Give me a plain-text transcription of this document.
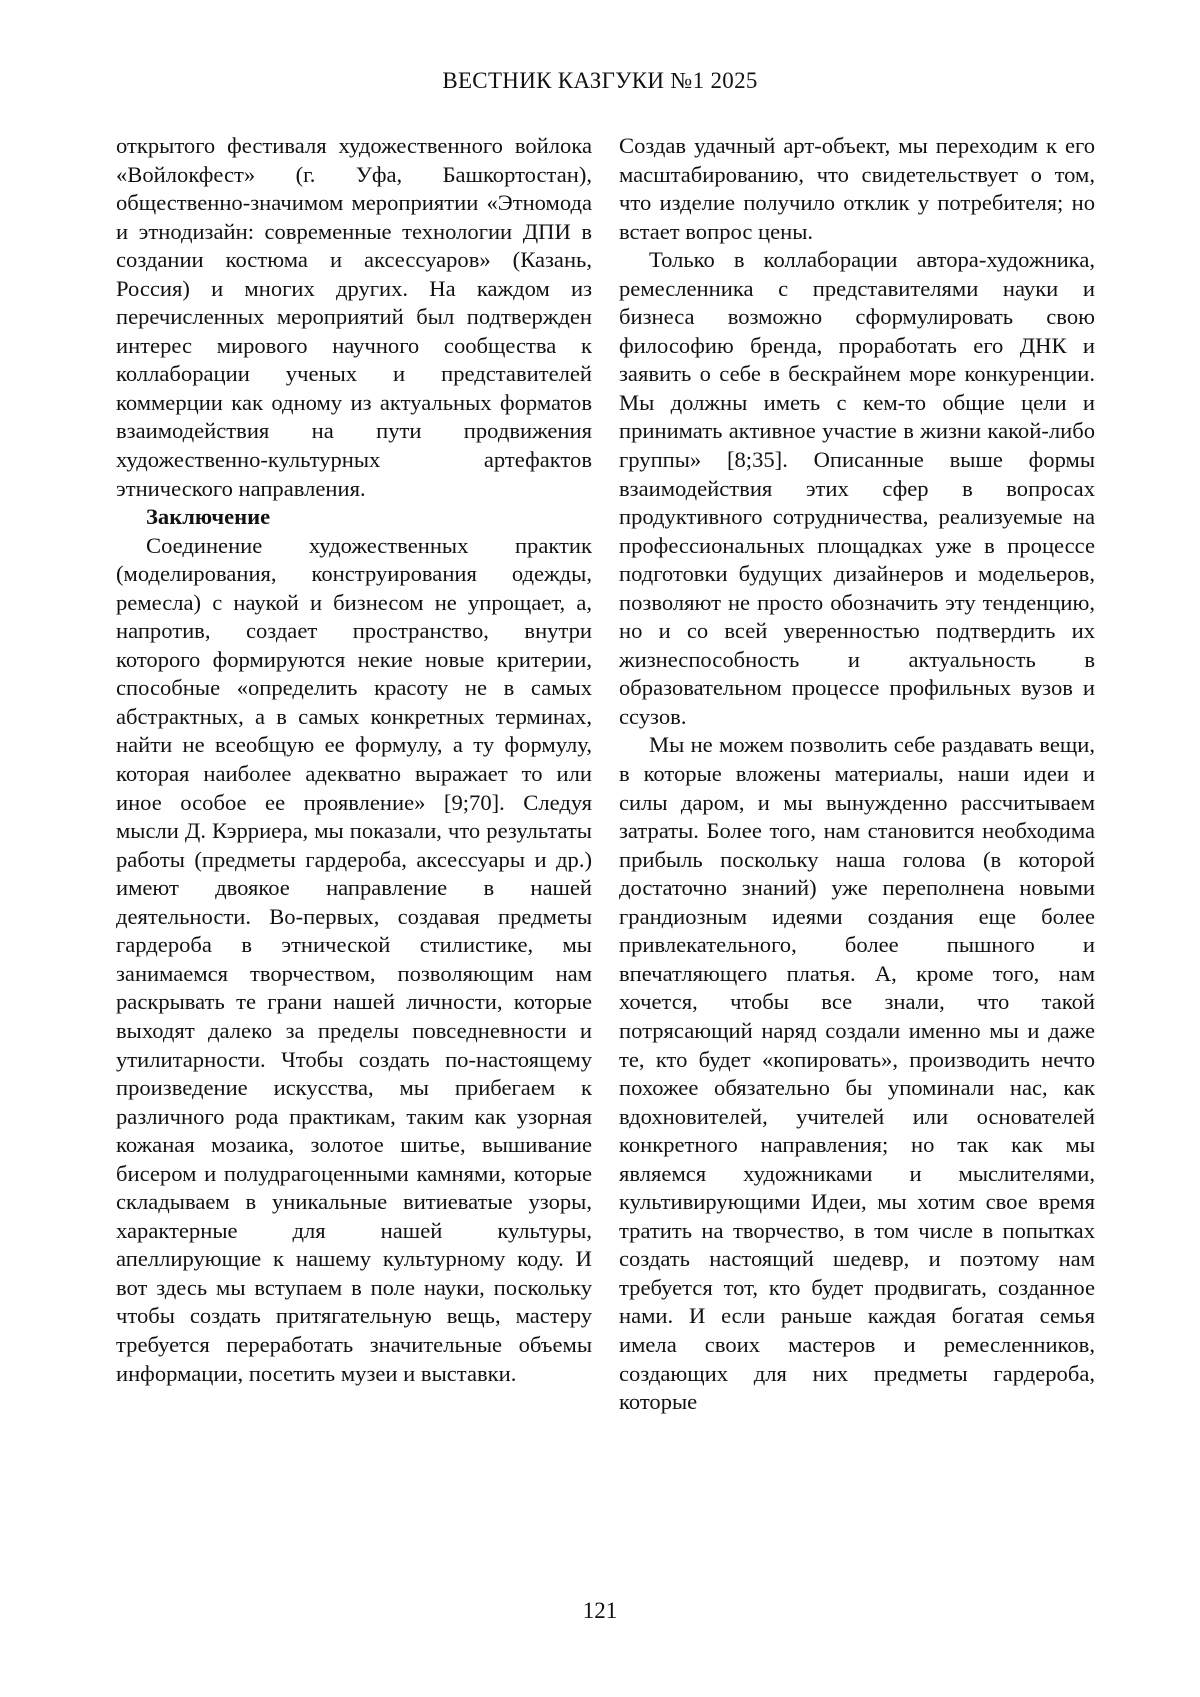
ВЕСТНИК КАЗГУКИ №1 2025

открытого фестиваля художественного войлока «Войлокфест» (г. Уфа, Башкортостан), общественно-значимом мероприятии «Этномода и этнодизайн: современные технологии ДПИ в создании костюма и аксессуаров» (Казань, Россия) и многих других. На каждом из перечисленных мероприятий был подтвержден интерес мирового научного сообщества к коллаборации ученых и представителей коммерции как одному из актуальных форматов взаимодействия на пути продвижения художественно-культурных артефактов этнического направления.

Заключение

Соединение художественных практик (моделирования, конструирования одежды, ремесла) с наукой и бизнесом не упрощает, а, напротив, создает пространство, внутри которого формируются некие новые критерии, способные «определить красоту не в самых абстрактных, а в самых конкретных терминах, найти не всеобщую ее формулу, а ту формулу, которая наиболее адекватно выражает то или иное особое ее проявление» [9;70]. Следуя мысли Д. Кэрриера, мы показали, что результаты работы (предметы гардероба, аксессуары и др.) имеют двоякое направление в нашей деятельности. Во-первых, создавая предметы гардероба в этнической стилистике, мы занимаемся творчеством, позволяющим нам раскрывать те грани нашей личности, которые выходят далеко за пределы повседневности и утилитарности. Чтобы создать по-настоящему произведение искусства, мы прибегаем к различного рода практикам, таким как узорная кожаная мозаика, золотое шитье, вышивание бисером и полудрагоценными камнями, которые складываем в уникальные витиеватые узоры, характерные для нашей культуры, апеллирующие к нашему культурному коду. И вот здесь мы вступаем в поле науки, поскольку чтобы создать притягательную вещь, мастеру требуется переработать значительные объемы информации, посетить музеи и выставки.

Создав удачный арт-объект, мы переходим к его масштабированию, что свидетельствует о том, что изделие получило отклик у потребителя; но встает вопрос цены.

Только в коллаборации автора-художника, ремесленника с представителями науки и бизнеса возможно сформулировать свою философию бренда, проработать его ДНК и заявить о себе в бескрайнем море конкуренции. Мы должны иметь с кем-то общие цели и принимать активное участие в жизни какой-либо группы» [8;35]. Описанные выше формы взаимодействия этих сфер в вопросах продуктивного сотрудничества, реализуемые на профессиональных площадках уже в процессе подготовки будущих дизайнеров и модельеров, позволяют не просто обозначить эту тенденцию, но и со всей уверенностью подтвердить их жизнеспособность и актуальность в образовательном процессе профильных вузов и ссузов.

Мы не можем позволить себе раздавать вещи, в которые вложены материалы, наши идеи и силы даром, и мы вынужденно рассчитываем затраты. Более того, нам становится необходима прибыль поскольку наша голова (в которой достаточно знаний) уже переполнена новыми грандиозным идеями создания еще более привлекательного, более пышного и впечатляющего платья. А, кроме того, нам хочется, чтобы все знали, что такой потрясающий наряд создали именно мы и даже те, кто будет «копировать», производить нечто похожее обязательно бы упоминали нас, как вдохновителей, учителей или основателей конкретного направления; но так как мы являемся художниками и мыслителями, культивирующими Идеи, мы хотим свое время тратить на творчество, в том числе в попытках создать настоящий шедевр, и поэтому нам требуется тот, кто будет продвигать, созданное нами. И если раньше каждая богатая семья имела своих мастеров и ремесленников, создающих для них предметы гардероба, которые

121
